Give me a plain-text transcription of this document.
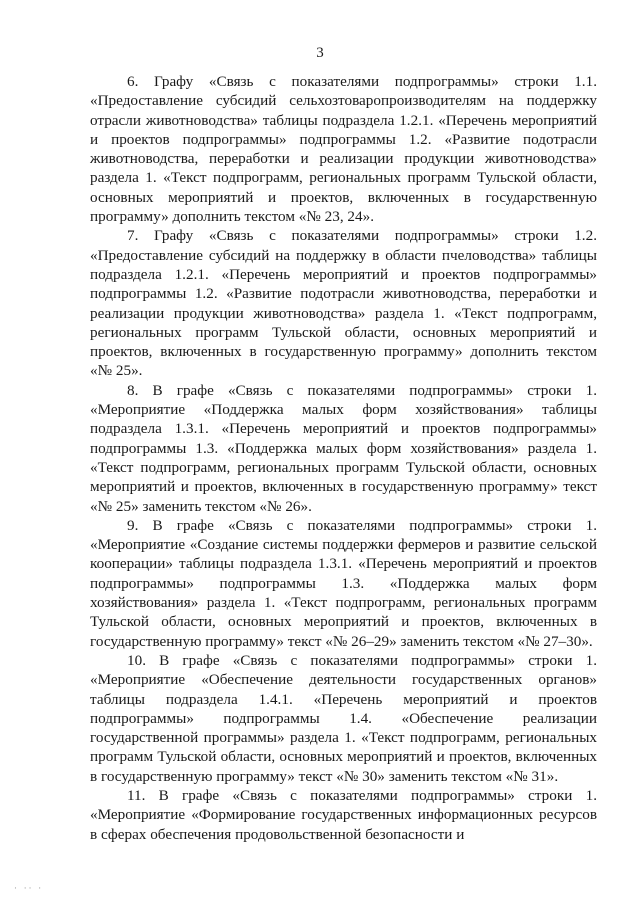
3

6. Графу «Связь с показателями подпрограммы» строки 1.1. «Предоставление субсидий сельхозтоваропроизводителям на поддержку отрасли животноводства» таблицы подраздела 1.2.1. «Перечень мероприятий и проектов подпрограммы» подпрограммы 1.2. «Развитие подотрасли животноводства, переработки и реализации продукции животноводства» раздела 1. «Текст подпрограмм, региональных программ Тульской области, основных мероприятий и проектов, включенных в государственную программу» дополнить текстом «№ 23, 24».

7. Графу «Связь с показателями подпрограммы» строки 1.2. «Предоставление субсидий на поддержку в области пчеловодства» таблицы подраздела 1.2.1. «Перечень мероприятий и проектов подпрограммы» подпрограммы 1.2. «Развитие подотрасли животноводства, переработки и реализации продукции животноводства» раздела 1. «Текст подпрограмм, региональных программ Тульской области, основных мероприятий и проектов, включенных в государственную программу» дополнить текстом «№ 25».

8. В графе «Связь с показателями подпрограммы» строки 1. «Мероприятие «Поддержка малых форм хозяйствования» таблицы подраздела 1.3.1. «Перечень мероприятий и проектов подпрограммы» подпрограммы 1.3. «Поддержка малых форм хозяйствования» раздела 1. «Текст подпрограмм, региональных программ Тульской области, основных мероприятий и проектов, включенных в государственную программу» текст «№ 25» заменить текстом «№ 26».

9. В графе «Связь с показателями подпрограммы» строки 1. «Мероприятие «Создание системы поддержки фермеров и развитие сельской кооперации» таблицы подраздела 1.3.1. «Перечень мероприятий и проектов подпрограммы» подпрограммы 1.3. «Поддержка малых форм хозяйствования» раздела 1. «Текст подпрограмм, региональных программ Тульской области, основных мероприятий и проектов, включенных в государственную программу» текст «№ 26–29» заменить текстом «№ 27–30».

10. В графе «Связь с показателями подпрограммы» строки 1. «Мероприятие «Обеспечение деятельности государственных органов» таблицы подраздела 1.4.1. «Перечень мероприятий и проектов подпрограммы» подпрограммы 1.4. «Обеспечение реализации государственной программы» раздела 1. «Текст подпрограмм, региональных программ Тульской области, основных мероприятий и проектов, включенных в государственную программу» текст «№ 30» заменить текстом «№ 31».

11. В графе «Связь с показателями подпрограммы» строки 1. «Мероприятие «Формирование государственных информационных ресурсов в сферах обеспечения продовольственной безопасности и

· ·· ·
